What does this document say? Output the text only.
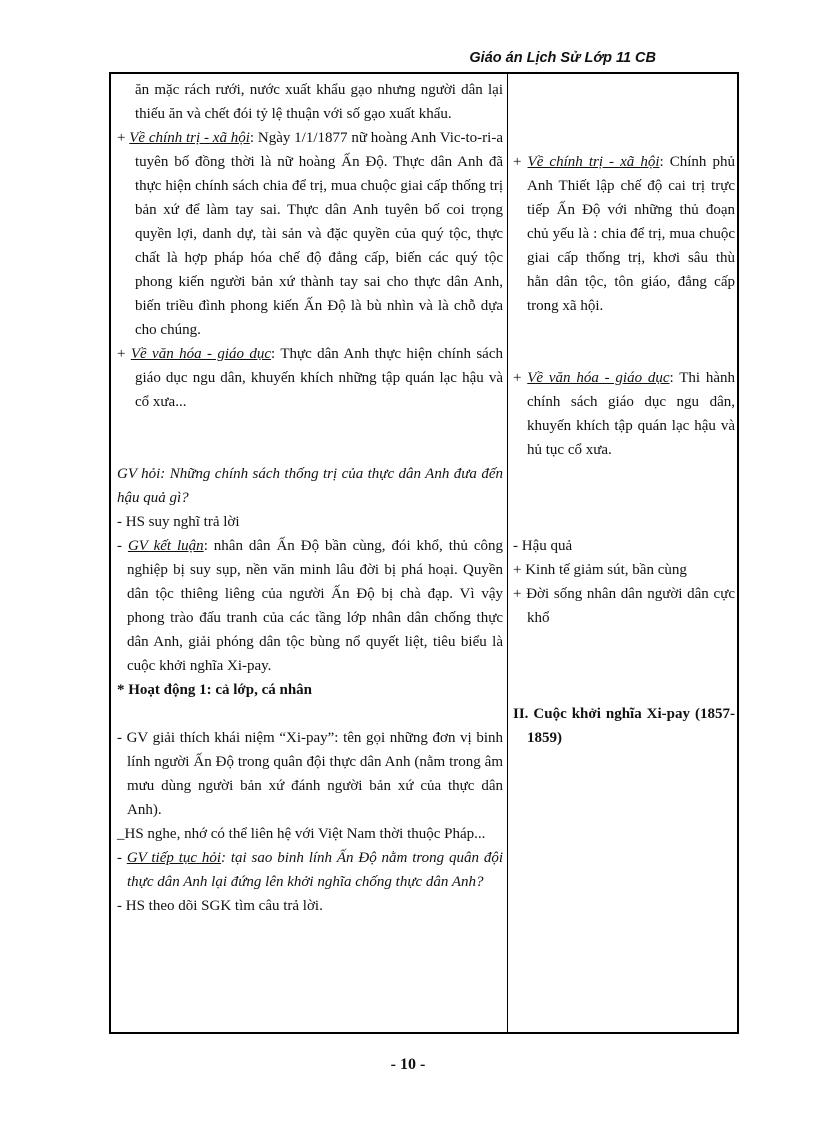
Giáo án Lịch Sử Lớp 11 CB

ăn mặc rách rưới, nước xuất khẩu gạo nhưng người dân lại thiếu ăn và chết đói tỷ lệ thuận với số gạo xuất khẩu.

+ Về chính trị - xã hội: Ngày 1/1/1877 nữ hoàng Anh Vic-to-ri-a tuyên bố đồng thời là nữ hoàng Ấn Độ. Thực dân Anh đã thực hiện chính sách chia để trị, mua chuộc giai cấp thống trị bản xứ để làm tay sai. Thực dân Anh tuyên bố coi trọng quyền lợi, danh dự, tài sản và đặc quyền của quý tộc, thực chất là hợp pháp hóa chế độ đẳng cấp, biến các quý tộc phong kiến người bản xứ thành tay sai cho thực dân Anh, biến triều đình phong kiến Ấn Độ là bù nhìn và là chỗ dựa cho chúng.

+ Về văn hóa - giáo dục: Thực dân Anh thực hiện chính sách giáo dục ngu dân, khuyến khích những tập quán lạc hậu và cổ xưa...

GV hỏi: Những chính sách thống trị của thực dân Anh đưa đến hậu quả gì?

- HS suy nghĩ trả lời

- GV kết luận: nhân dân Ấn Độ bần cùng, đói khổ, thủ công nghiệp bị suy sụp, nền văn minh lâu đời bị phá hoại. Quyền dân tộc thiêng liêng của người Ấn Độ bị chà đạp. Vì vậy phong trào đấu tranh của các tầng lớp nhân dân chống thực dân Anh, giải phóng dân tộc bùng nổ quyết liệt, tiêu biểu là cuộc khởi nghĩa Xi-pay.

* Hoạt động 1: cả lớp, cá nhân

- GV giải thích khái niệm “Xi-pay”: tên gọi những đơn vị binh lính người Ấn Độ trong quân đội thực dân Anh (nằm trong âm mưu dùng người bản xứ đánh người bản xứ của thực dân Anh).

_HS nghe, nhớ có thể liên hệ với Việt Nam thời thuộc Pháp...

- GV tiếp tục hỏi: tại sao binh lính Ấn Độ nằm trong quân đội thực dân Anh lại đứng lên khởi nghĩa chống thực dân Anh?

- HS theo dõi SGK tìm câu trả lời.

+ Về chính trị - xã hội: Chính phủ Anh Thiết lập chế độ cai trị trực tiếp Ấn Độ với những thủ đoạn chủ yếu là : chia để trị, mua chuộc giai cấp thống trị, khơi sâu thù hằn dân tộc, tôn giáo, đẳng cấp trong xã hội.

+ Về văn hóa - giáo dục: Thi hành chính sách giáo dục ngu dân, khuyến khích tập quán lạc hậu và hủ tục cổ xưa.

- Hậu quả

+ Kinh tế giảm sút, bần cùng

+ Đời sống nhân dân người dân cực khổ

II. Cuộc khởi nghĩa Xi-pay (1857-1859)

- 10 -
